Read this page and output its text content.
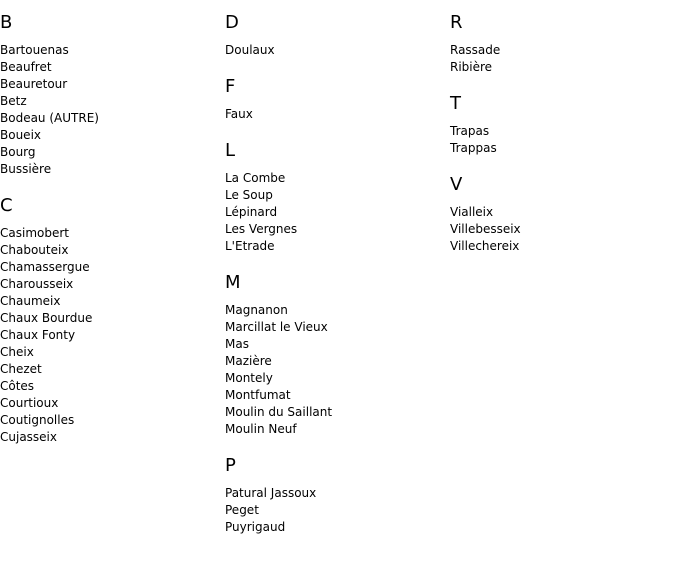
B
Bartouenas
Beaufret
Beauretour
Betz
Bodeau (AUTRE)
Boueix
Bourg
Bussière
C
Casimobert
Chabouteix
Chamassergue
Charousseix
Chaumeix
Chaux Bourdue
Chaux Fonty
Cheix
Chezet
Côtes
Courtioux
Coutignolles
Cujasseix
D
Doulaux
F
Faux
L
La Combe
Le Soup
Lépinard
Les Vergnes
L'Etrade
M
Magnanon
Marcillat le Vieux
Mas
Mazière
Montely
Montfumat
Moulin du Saillant
Moulin Neuf
P
Patural Jassoux
Peget
Puyrigaud
R
Rassade
Ribière
T
Trapas
Trappas
V
Vialleix
Villebesseix
Villechereix
